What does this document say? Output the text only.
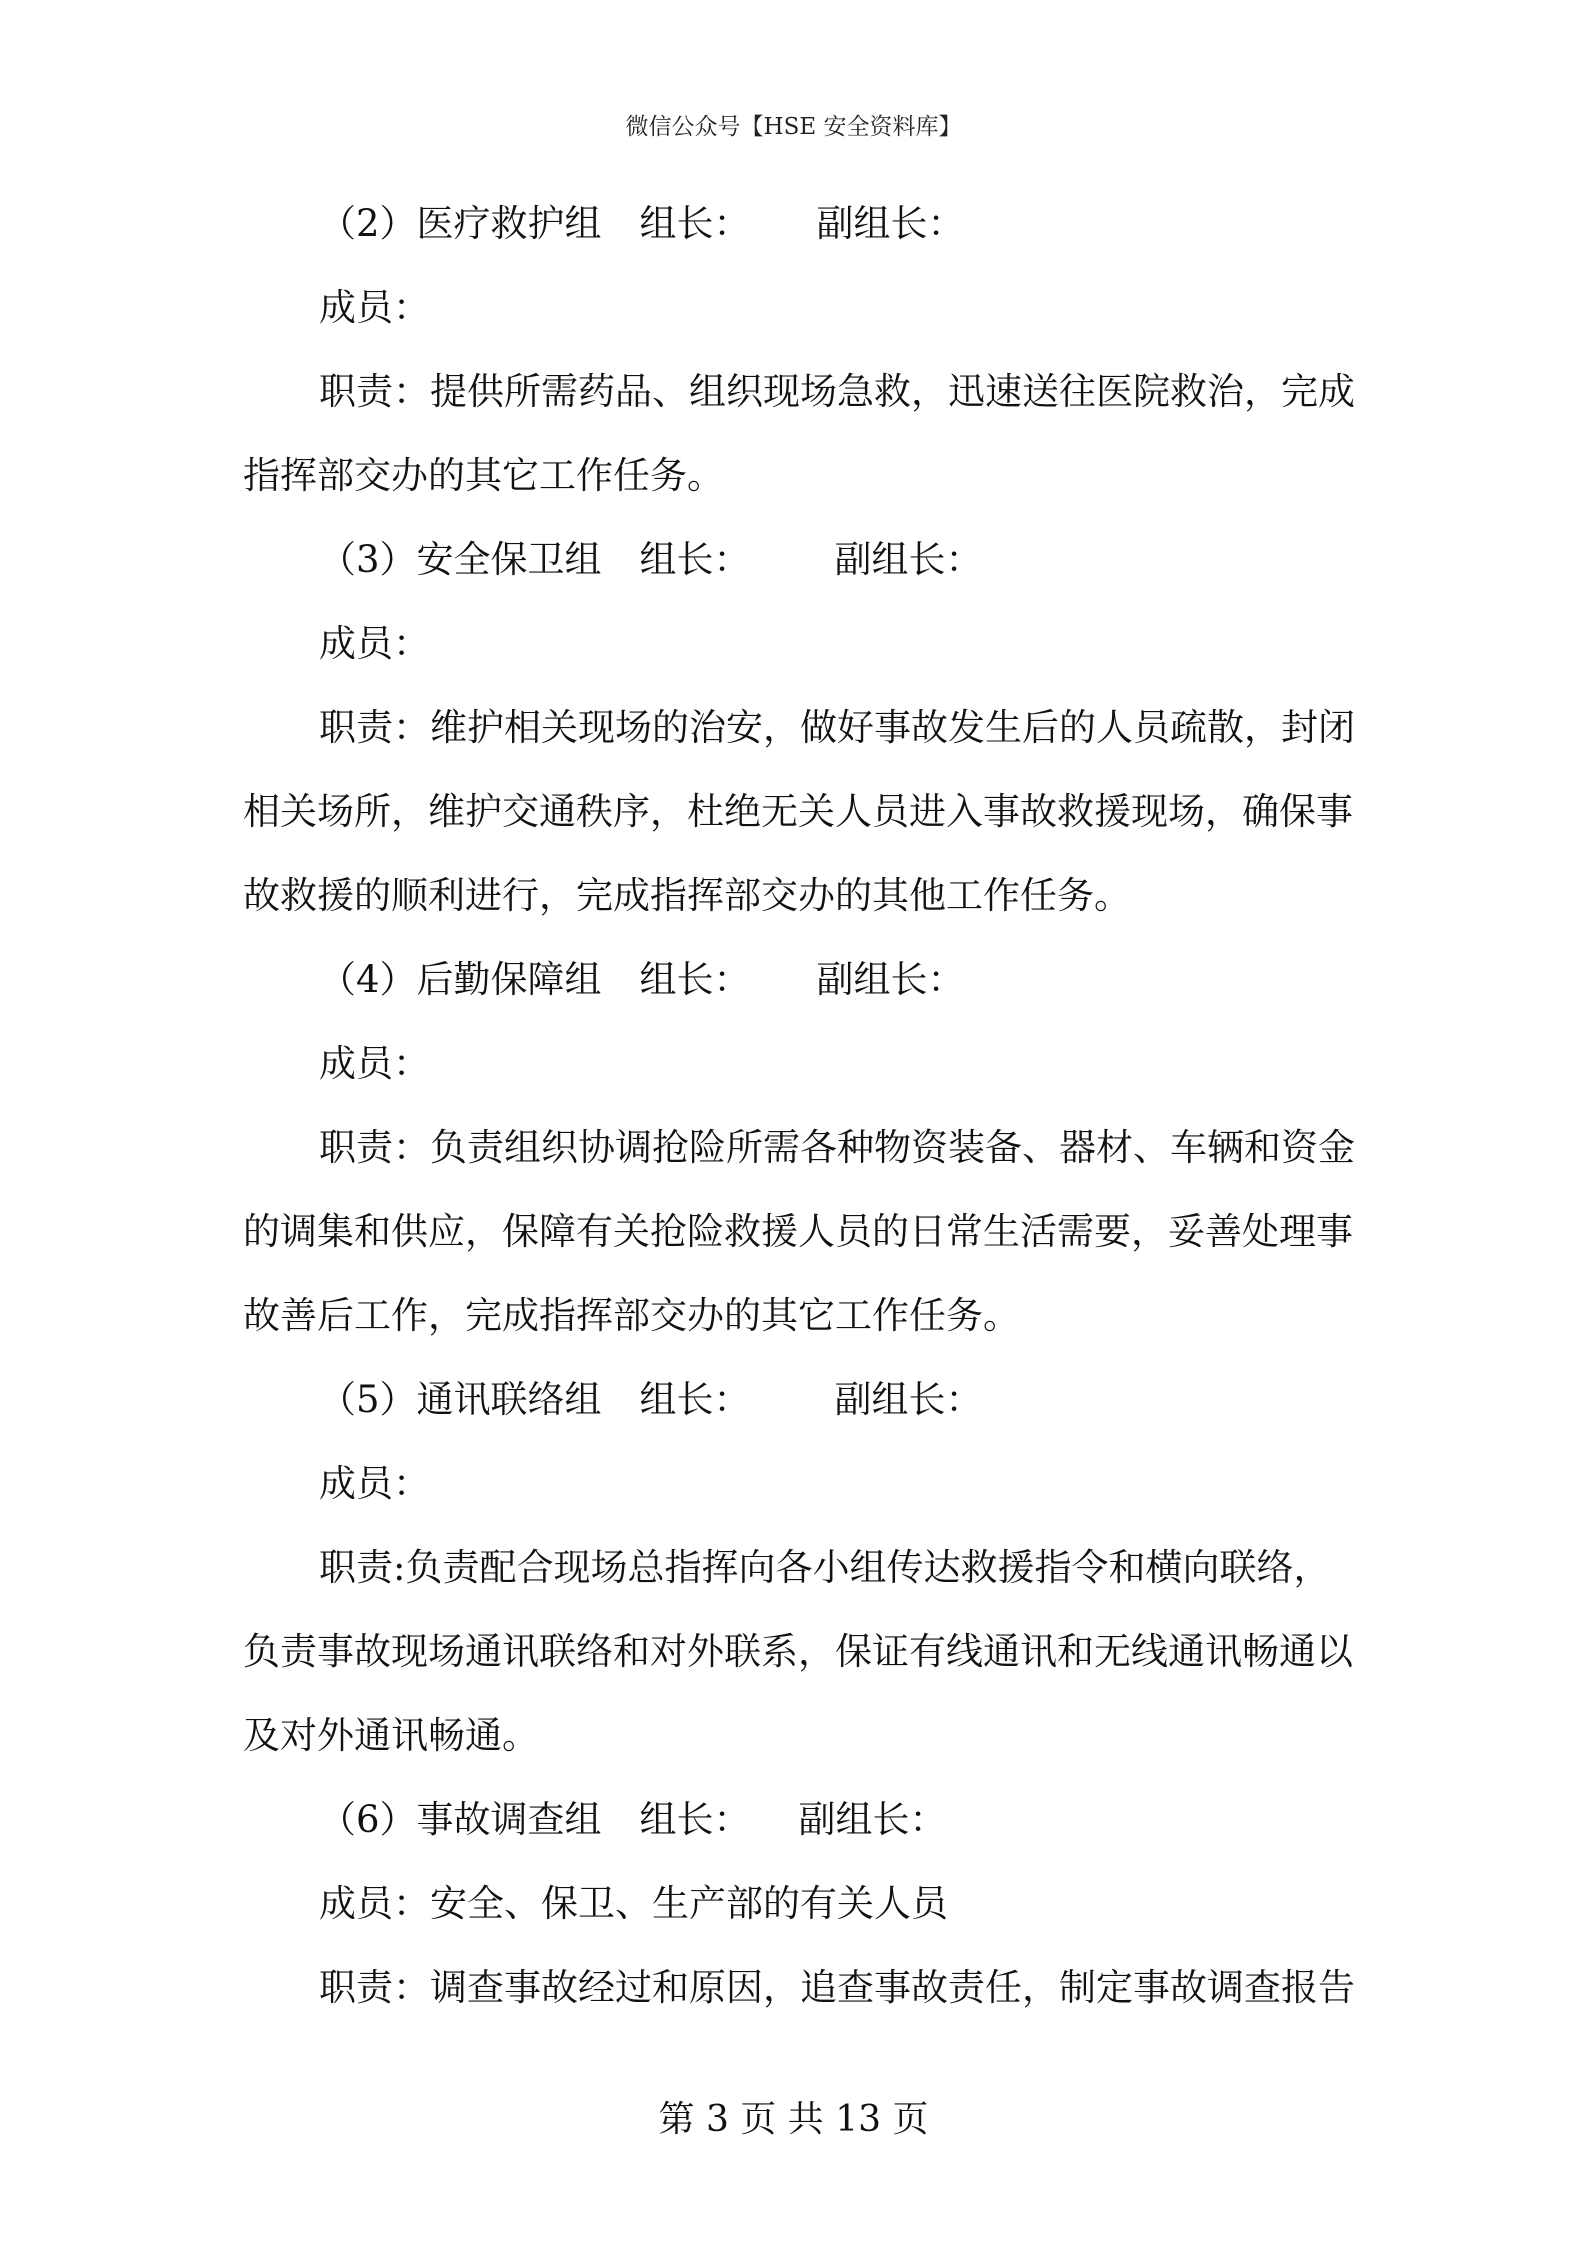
微信公众号【HSE 安全资料库】
（2）医疗救护组 组长： 副组长：
成员：
职责：提供所需药品、组织现场急救，迅速送往医院救治，完成
指挥部交办的其它工作任务。
（3）安全保卫组 组长： 副组长：
成员：
职责：维护相关现场的治安，做好事故发生后的人员疏散，封闭
相关场所，维护交通秩序，杜绝无关人员进入事故救援现场，确保事
故救援的顺利进行，完成指挥部交办的其他工作任务。
（4）后勤保障组 组长： 副组长：
成员：
职责：负责组织协调抢险所需各种物资装备、器材、车辆和资金
的调集和供应，保障有关抢险救援人员的日常生活需要，妥善处理事
故善后工作，完成指挥部交办的其它工作任务。
（5）通讯联络组 组长： 副组长：
成员：
职责:负责配合现场总指挥向各小组传达救援指令和横向联络，
负责事故现场通讯联络和对外联系，保证有线通讯和无线通讯畅通以
及对外通讯畅通。
（6）事故调查组 组长： 副组长：
成员：安全、保卫、生产部的有关人员
职责：调查事故经过和原因，追查事故责任，制定事故调查报告
第 3 页 共 13 页
